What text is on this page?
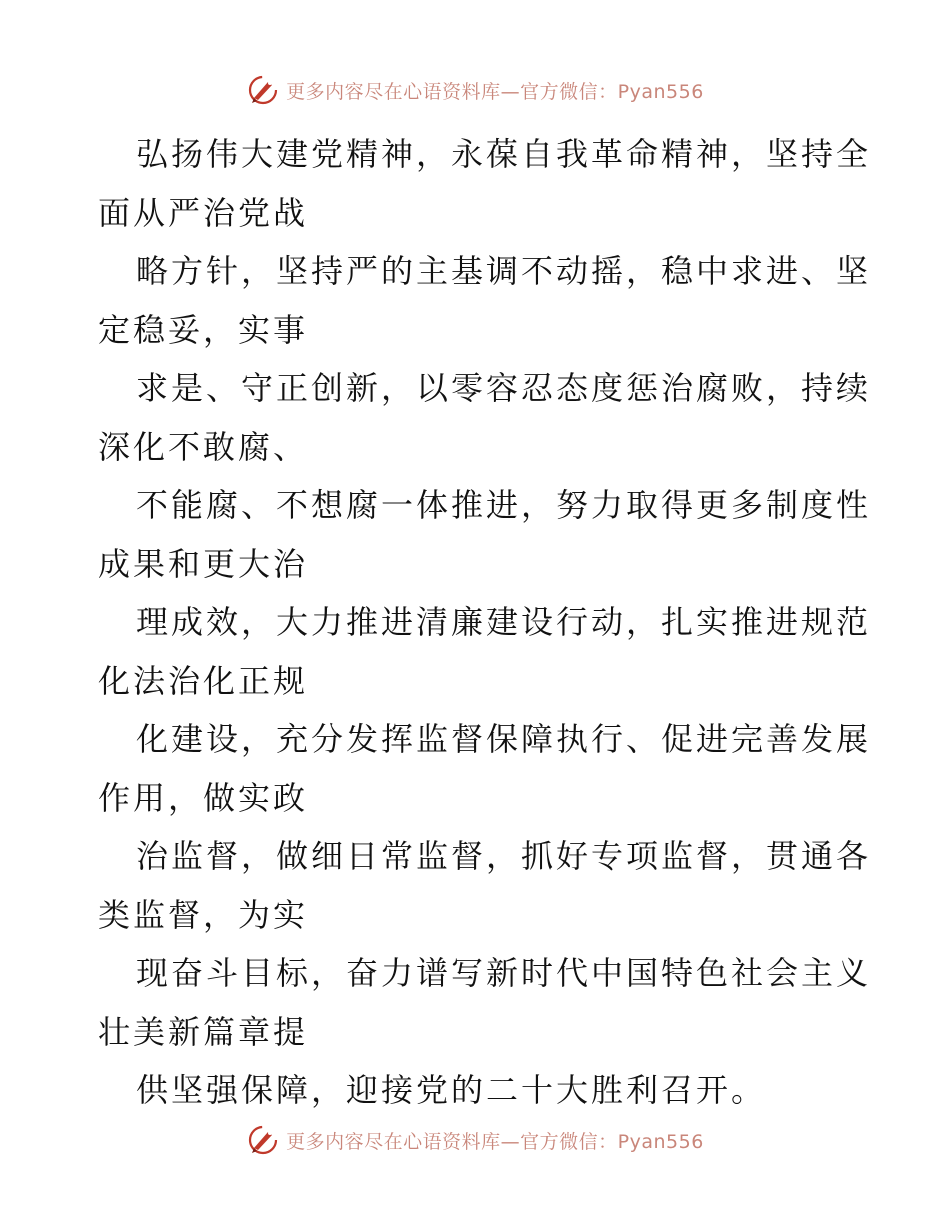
更多内容尽在心语资料库—官方微信：Pyan556
弘扬伟大建党精神，永葆自我革命精神，坚持全
面从严治党战
略方针，坚持严的主基调不动摇，稳中求进、坚
定稳妥，实事
求是、守正创新，以零容忍态度惩治腐败，持续
深化不敢腐、
不能腐、不想腐一体推进，努力取得更多制度性
成果和更大治
理成效，大力推进清廉建设行动，扎实推进规范
化法治化正规
化建设，充分发挥监督保障执行、促进完善发展
作用，做实政
治监督，做细日常监督，抓好专项监督，贯通各
类监督，为实
现奋斗目标，奋力谱写新时代中国特色社会主义
壮美新篇章提
供坚强保障，迎接党的二十大胜利召开。
更多内容尽在心语资料库—官方微信：Pyan556
